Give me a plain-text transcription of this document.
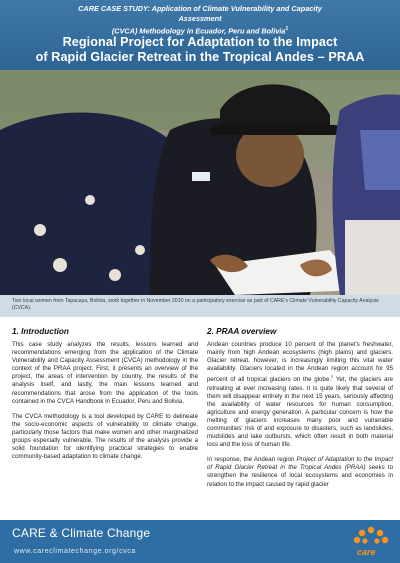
CARE CASE STUDY: Application of Climate Vulnerability and Capacity Assessment
(CVCA) Methodology in Ecuador, Peru and Bolivia$^1$
Regional Project for Adaptation to the Impact
of Rapid Glacier Retreat in the Tropical Andes – PRAA

Two local women from Tapacaya, Bolivia, work together in November 2010 on a participatory exercise as part of CARE's Climate Vulnerability Capacity Analysis (CVCA).

1. Introduction

This case study analyzes the results, lessons learned and recommendations emerging from the application of the Climate Vulnerability and Capacity Assessment (CVCA) methodology in the context of the PRAA project. First, it presents an overview of the project, the areas of intervention by country, the results of the analysis itself, and lastly, the main lessons learned and recommendations that arose from the application of the tools contained in the CVCA Handbook in Ecuador, Peru and Bolivia.

The CVCA methodology is a tool developed by CARE to delineate the socio-economic aspects of vulnerability to climate change, particularly those factors that make women and other marginalized groups especially vulnerable. The results of the analysis provide a solid foundation for identifying practical strategies to enable community-based adaptation to climate change.

2. PRAA overview

Andean countries produce 10 percent of the planet's freshwater, mainly from high Andean ecosystems (high plains) and glaciers. Glacier retreat, however, is increasingly limiting this vital water availability. Glaciers located in the Andean region account for 95 percent of all tropical glaciers on the globe.$^2$ Yet, the glaciers are retreating at ever increasing rates. It is quite likely that several of them will disappear entirely in the next 15 years, seriously affecting the availability of water resources for human consumption, agriculture and energy generation. A particular concern is how the melting of glaciers increases many poor and vulnerable communities' risk of and exposure to disasters, such as landslides, mudslides and lake outbursts, which often result in both material loss and the loss of human life.

In response, the Andean region Project of Adaptation to the Impact of Rapid Glacier Retreat in the Tropical Andes (PRAA) seeks to strengthen the resilience of local ecosystems and economies in relation to the impact caused by rapid glacier

CARE & Climate Change
www.careclimatechange.org/cvca	care
